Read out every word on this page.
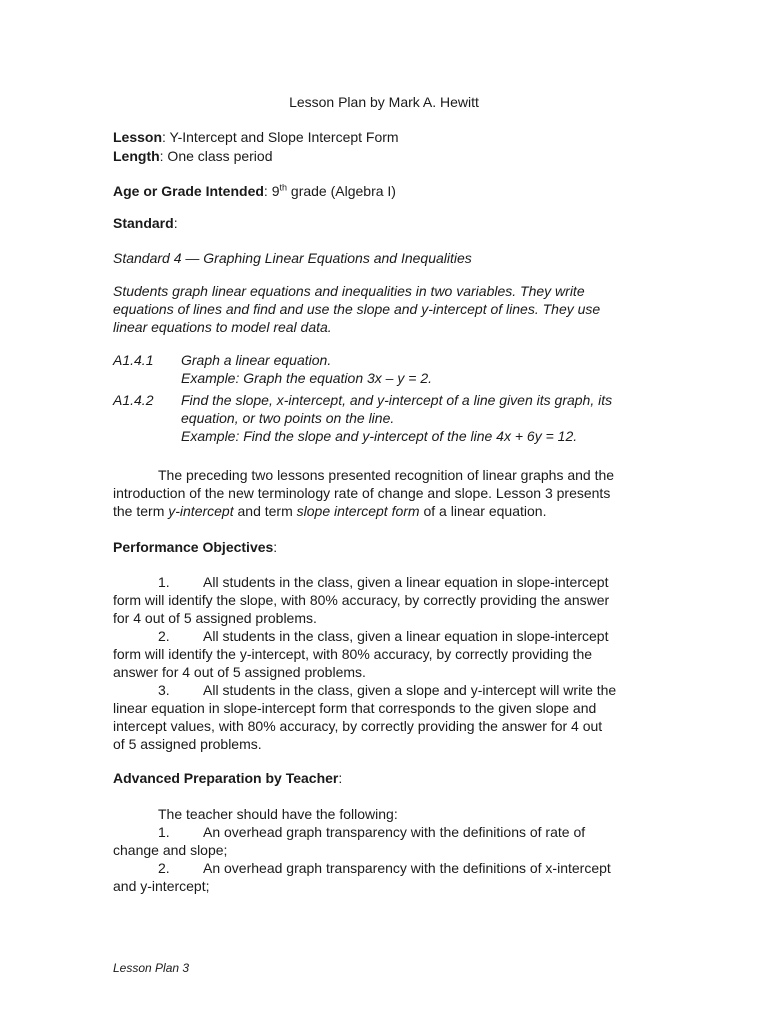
Lesson Plan by Mark A. Hewitt
Lesson: Y-Intercept and Slope Intercept Form
Length: One class period
Age or Grade Intended: 9th grade (Algebra I)
Standard:
Standard 4 — Graphing Linear Equations and Inequalities
Students graph linear equations and inequalities in two variables. They write
equations of lines and find and use the slope and y-intercept of lines. They use
linear equations to model real data.
A1.4.1 Graph a linear equation.
Example: Graph the equation 3x – y = 2.
A1.4.2 Find the slope, x-intercept, and y-intercept of a line given its graph, its
equation, or two points on the line.
Example: Find the slope and y-intercept of the line 4x + 6y = 12.
The preceding two lessons presented recognition of linear graphs and the
introduction of the new terminology rate of change and slope. Lesson 3 presents
the term y-intercept and term slope intercept form of a linear equation.
Performance Objectives:
1. All students in the class, given a linear equation in slope-intercept
form will identify the slope, with 80% accuracy, by correctly providing the answer
for 4 out of 5 assigned problems.
2. All students in the class, given a linear equation in slope-intercept
form will identify the y-intercept, with 80% accuracy, by correctly providing the
answer for 4 out of 5 assigned problems.
3. All students in the class, given a slope and y-intercept will write the
linear equation in slope-intercept form that corresponds to the given slope and
intercept values, with 80% accuracy, by correctly providing the answer for 4 out
of 5 assigned problems.
Advanced Preparation by Teacher:
The teacher should have the following:
1. An overhead graph transparency with the definitions of rate of
change and slope;
2. An overhead graph transparency with the definitions of x-intercept
and y-intercept;
Lesson Plan 3
